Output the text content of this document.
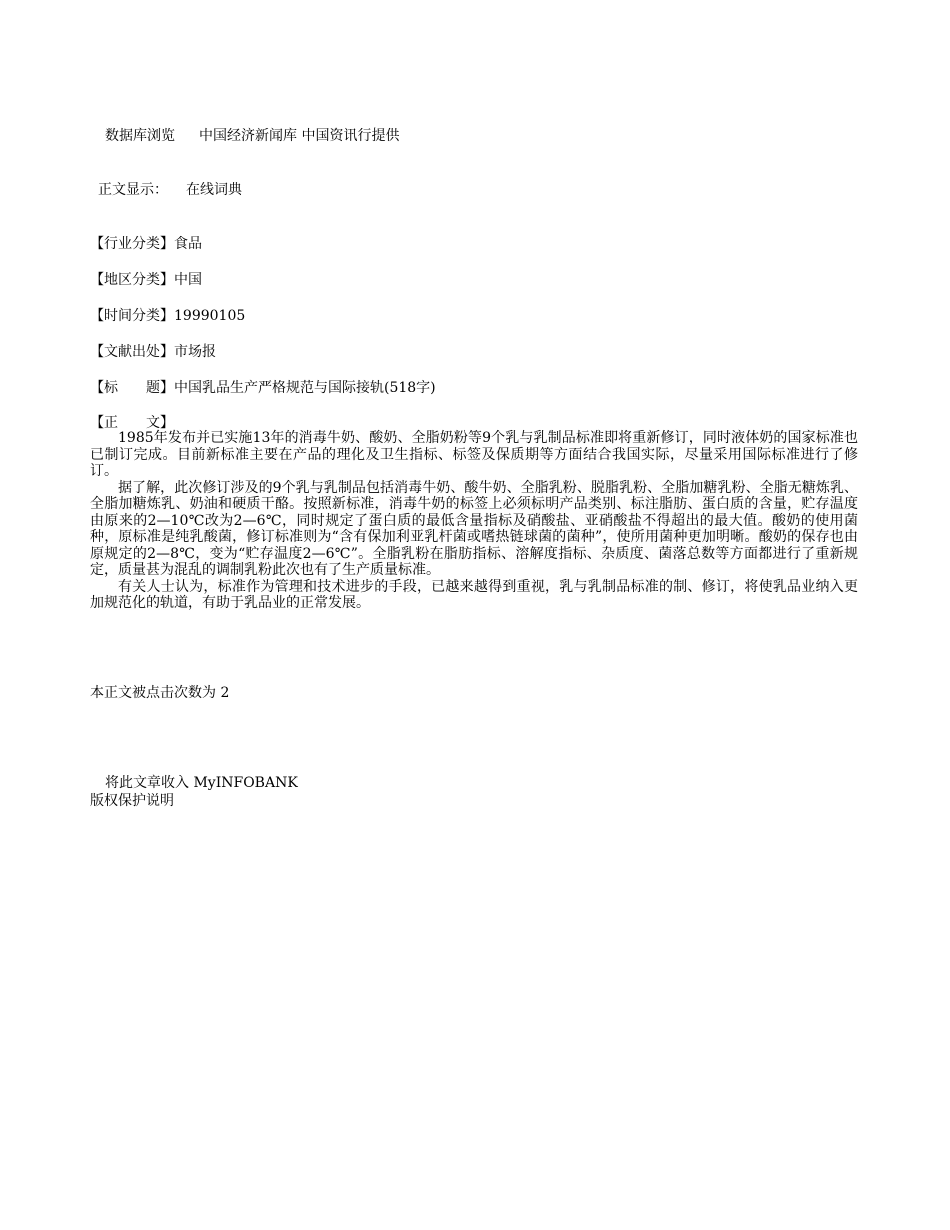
数据库浏览 中国经济新闻库 中国资讯行提供
正文显示： 在线词典
【行业分类】食品
【地区分类】中国
【时间分类】19990105
【文献出处】市场报
【标　　题】中国乳品生产严格规范与国际接轨(518字)
【正　　文】

1985年发布并已实施13年的消毒牛奶、酸奶、全脂奶粉等9个乳与乳制品标准即将重新修订，同时液体奶的国家标准也已制订完成。目前新标准主要在产品的理化及卫生指标、标签及保质期等方面结合我国实际，尽量采用国际标准进行了修订。

据了解，此次修订涉及的9个乳与乳制品包括消毒牛奶、酸牛奶、全脂乳粉、脱脂乳粉、全脂加糖乳粉、全脂无糖炼乳、全脂加糖炼乳、奶油和硬质干酪。按照新标准，消毒牛奶的标签上必须标明产品类别、标注脂肪、蛋白质的含量，贮存温度由原来的2—10℃改为2—6℃，同时规定了蛋白质的最低含量指标及硝酸盐、亚硝酸盐不得超出的最大值。酸奶的使用菌种，原标准是纯乳酸菌，修订标准则为“含有保加利亚乳杆菌或嗜热链球菌的菌种”，使所用菌种更加明晰。酸奶的保存也由原规定的2—8℃，变为“贮存温度2—6℃”。全脂乳粉在脂肪指标、溶解度指标、杂质度、菌落总数等方面都进行了重新规定，质量甚为混乱的调制乳粉此次也有了生产质量标准。

有关人士认为，标准作为管理和技术进步的手段，已越来越得到重视，乳与乳制品标准的制、修订，将使乳品业纳入更加规范化的轨道，有助于乳品业的正常发展。

本正文被点击次数为 2
将此文章收入 MyINFOBANK
版权保护说明
